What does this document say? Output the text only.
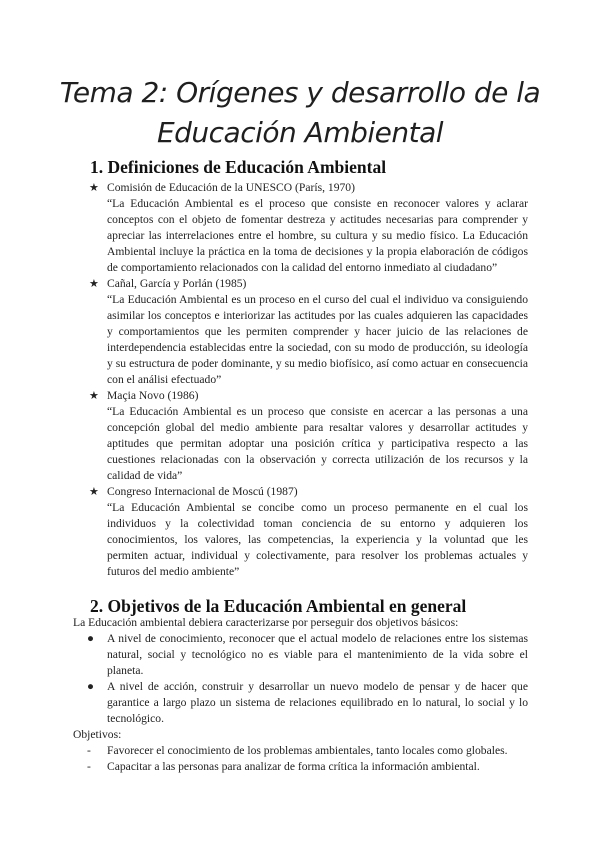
Tema 2: Orígenes y desarrollo de la
Educación Ambiental
1. Definiciones de Educación Ambiental
★ Comisión de Educación de la UNESCO (París, 1970)

“La Educación Ambiental es el proceso que consiste en reconocer valores y aclarar conceptos con el objeto de fomentar destreza y actitudes necesarias para comprender y apreciar las interrelaciones entre el hombre, su cultura y su medio físico. La Educación Ambiental incluye la práctica en la toma de decisiones y la propia elaboración de códigos de comportamiento relacionados con la calidad del entorno inmediato al ciudadano”

★ Cañal, García y Porlán (1985)

“La Educación Ambiental es un proceso en el curso del cual el individuo va consiguiendo asimilar los conceptos e interiorizar las actitudes por las cuales adquieren las capacidades y comportamientos que les permiten comprender y hacer juicio de las relaciones de interdependencia establecidas entre la sociedad, con su modo de producción, su ideología y su estructura de poder dominante, y su medio biofísico, así como actuar en consecuencia con el análisi efectuado”

★ Maçia Novo (1986)

“La Educación Ambiental es un proceso que consiste en acercar a las personas a una concepción global del medio ambiente para resaltar valores y desarrollar actitudes y aptitudes que permitan adoptar una posición crítica y participativa respecto a las cuestiones relacionadas con la observación y correcta utilización de los recursos y la calidad de vida”

★ Congreso Internacional de Moscú (1987)

“La Educación Ambiental se concibe como un proceso permanente en el cual los individuos y la colectividad toman conciencia de su entorno y adquieren los conocimientos, los valores, las competencias, la experiencia y la voluntad que les permiten actuar, individual y colectivamente, para resolver los problemas actuales y futuros del medio ambiente”

2. Objetivos de la Educación Ambiental en general
La Educación ambiental debiera caracterizarse por perseguir dos objetivos básicos:
● A nivel de conocimiento, reconocer que el actual modelo de relaciones entre los sistemas natural, social y tecnológico no es viable para el mantenimiento de la vida sobre el planeta.

● A nivel de acción, construir y desarrollar un nuevo modelo de pensar y de hacer que garantice a largo plazo un sistema de relaciones equilibrado en lo natural, lo social y lo tecnológico.

Objetivos:
- Favorecer el conocimiento de los problemas ambientales, tanto locales como globales.
- Capacitar a las personas para analizar de forma crítica la información ambiental.
